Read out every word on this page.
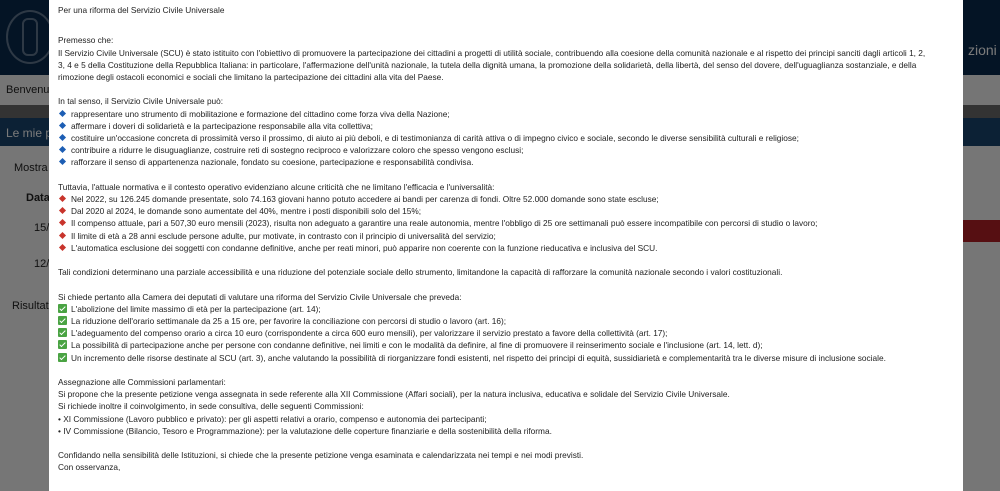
Per una riforma del Servizio Civile Universale

Premesso che:

Il Servizio Civile Universale (SCU) è stato istituito con l'obiettivo di promuovere la partecipazione dei cittadini a progetti di utilità sociale, contribuendo alla coesione della comunità nazionale e al rispetto dei principi sanciti dagli articoli 1, 2,

3, 4 e 5 della Costituzione della Repubblica Italiana: in particolare, l'affermazione dell'unità nazionale, la tutela della dignità umana, la promozione della solidarietà, della libertà, del senso del dovere, dell'uguaglianza sostanziale, e della

rimozione degli ostacoli economici e sociali che limitano la partecipazione dei cittadini alla vita del Paese.

In tal senso, il Servizio Civile Universale può:

rappresentare uno strumento di mobilitazione e formazione del cittadino come forza viva della Nazione;
affermare i doveri di solidarietà e la partecipazione responsabile alla vita collettiva;
costituire un'occasione concreta di prossimità verso il prossimo, di aiuto ai più deboli, e di testimonianza di carità attiva o di impegno civico e sociale, secondo le diverse sensibilità culturali e religiose;
contribuire a ridurre le disuguaglianze, costruire reti di sostegno reciproco e valorizzare coloro che spesso vengono esclusi;
rafforzare il senso di appartenenza nazionale, fondato su coesione, partecipazione e responsabilità condivisa.

Tuttavia, l'attuale normativa e il contesto operativo evidenziano alcune criticità che ne limitano l'efficacia e l'universalità:

Nel 2022, su 126.245 domande presentate, solo 74.163 giovani hanno potuto accedere ai bandi per carenza di fondi. Oltre 52.000 domande sono state escluse;
Dal 2020 al 2024, le domande sono aumentate del 40%, mentre i posti disponibili solo del 15%;
Il compenso attuale, pari a 507,30 euro mensili (2023), risulta non adeguato a garantire una reale autonomia, mentre l'obbligo di 25 ore settimanali può essere incompatibile con percorsi di studio o lavoro;
Il limite di età a 28 anni esclude persone adulte, pur motivate, in contrasto con il principio di universalità del servizio;
L'automatica esclusione dei soggetti con condanne definitive, anche per reati minori, può apparire non coerente con la funzione rieducativa e inclusiva del SCU.

Tali condizioni determinano una parziale accessibilità e una riduzione del potenziale sociale dello strumento, limitandone la capacità di rafforzare la comunità nazionale secondo i valori costituzionali.

Si chiede pertanto alla Camera dei deputati di valutare una riforma del Servizio Civile Universale che preveda:

L'abolizione del limite massimo di età per la partecipazione (art. 14);
La riduzione dell'orario settimanale da 25 a 15 ore, per favorire la conciliazione con percorsi di studio o lavoro (art. 16);
L'adeguamento del compenso orario a circa 10 euro (corrispondente a circa 600 euro mensili), per valorizzare il servizio prestato a favore della collettività (art. 17);
La possibilità di partecipazione anche per persone con condanne definitive, nei limiti e con le modalità da definire, al fine di promuovere il reinserimento sociale e l'inclusione (art. 14, lett. d);
Un incremento delle risorse destinate al SCU (art. 3), anche valutando la possibilità di riorganizzare fondi esistenti, nel rispetto dei principi di equità, sussidiarietà e complementarità tra le diverse misure di inclusione sociale.

Assegnazione alle Commissioni parlamentari:

Si propone che la presente petizione venga assegnata in sede referente alla XII Commissione (Affari sociali), per la natura inclusiva, educativa e solidale del Servizio Civile Universale.

Si richiede inoltre il coinvolgimento, in sede consultiva, delle seguenti Commissioni:

• XI Commissione (Lavoro pubblico e privato): per gli aspetti relativi a orario, compenso e autonomia dei partecipanti;

• IV Commissione (Bilancio, Tesoro e Programmazione): per la valutazione delle coperture finanziarie e della sostenibilità della riforma.

Confidando nella sensibilità delle Istituzioni, si chiede che la presente petizione venga esaminata e calendarizzata nei tempi e nei modi previsti.

Con osservanza,
